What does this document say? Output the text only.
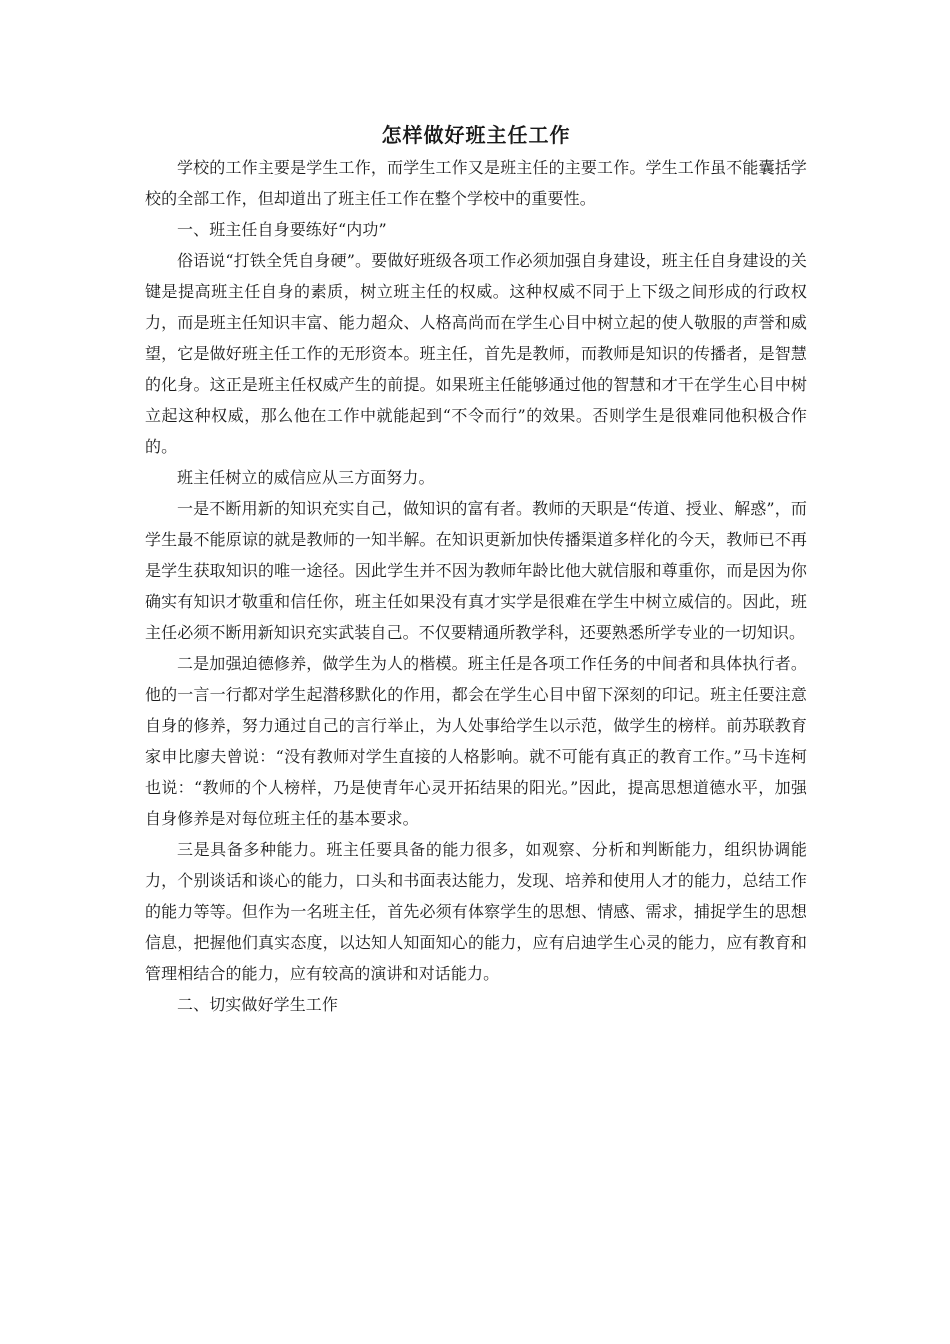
怎样做好班主任工作

学校的工作主要是学生工作，而学生工作又是班主任的主要工作。学生工作虽不能囊括学校的全部工作，但却道出了班主任工作在整个学校中的重要性。

一、班主任自身要练好“内功”

俗语说“打铁全凭自身硬”。要做好班级各项工作必须加强自身建设，班主任自身建设的关键是提高班主任自身的素质，树立班主任的权威。这种权威不同于上下级之间形成的行政权力，而是班主任知识丰富、能力超众、人格高尚而在学生心目中树立起的使人敬服的声誉和威望，它是做好班主任工作的无形资本。班主任，首先是教师，而教师是知识的传播者，是智慧的化身。这正是班主任权威产生的前提。如果班主任能够通过他的智慧和才干在学生心目中树立起这种权威，那么他在工作中就能起到“不令而行”的效果。否则学生是很难同他积极合作的。

班主任树立的威信应从三方面努力。

一是不断用新的知识充实自己，做知识的富有者。教师的天职是“传道、授业、解惑”，而学生最不能原谅的就是教师的一知半解。在知识更新加快传播渠道多样化的今天，教师已不再是学生获取知识的唯一途径。因此学生并不因为教师年龄比他大就信服和尊重你，而是因为你确实有知识才敬重和信任你，班主任如果没有真才实学是很难在学生中树立威信的。因此，班主任必须不断用新知识充实武装自己。不仅要精通所教学科，还要熟悉所学专业的一切知识。

二是加强迫德修养，做学生为人的楷模。班主任是各项工作任务的中间者和具体执行者。他的一言一行都对学生起潜移默化的作用，都会在学生心目中留下深刻的印记。班主任要注意自身的修养，努力通过自己的言行举止，为人处事给学生以示范，做学生的榜样。前苏联教育家申比廖夫曾说：“没有教师对学生直接的人格影响。就不可能有真正的教育工作。”马卡连柯也说：“教师的个人榜样，乃是使青年心灵开拓结果的阳光。”因此，提高思想道德水平，加强自身修养是对每位班主任的基本要求。

三是具备多种能力。班主任要具备的能力很多，如观察、分析和判断能力，组织协调能力，个别谈话和谈心的能力，口头和书面表达能力，发现、培养和使用人才的能力，总结工作的能力等等。但作为一名班主任，首先必须有体察学生的思想、情感、需求，捕捉学生的思想信息，把握他们真实态度，以达知人知面知心的能力，应有启迪学生心灵的能力，应有教育和管理相结合的能力，应有较高的演讲和对话能力。

二、切实做好学生工作
